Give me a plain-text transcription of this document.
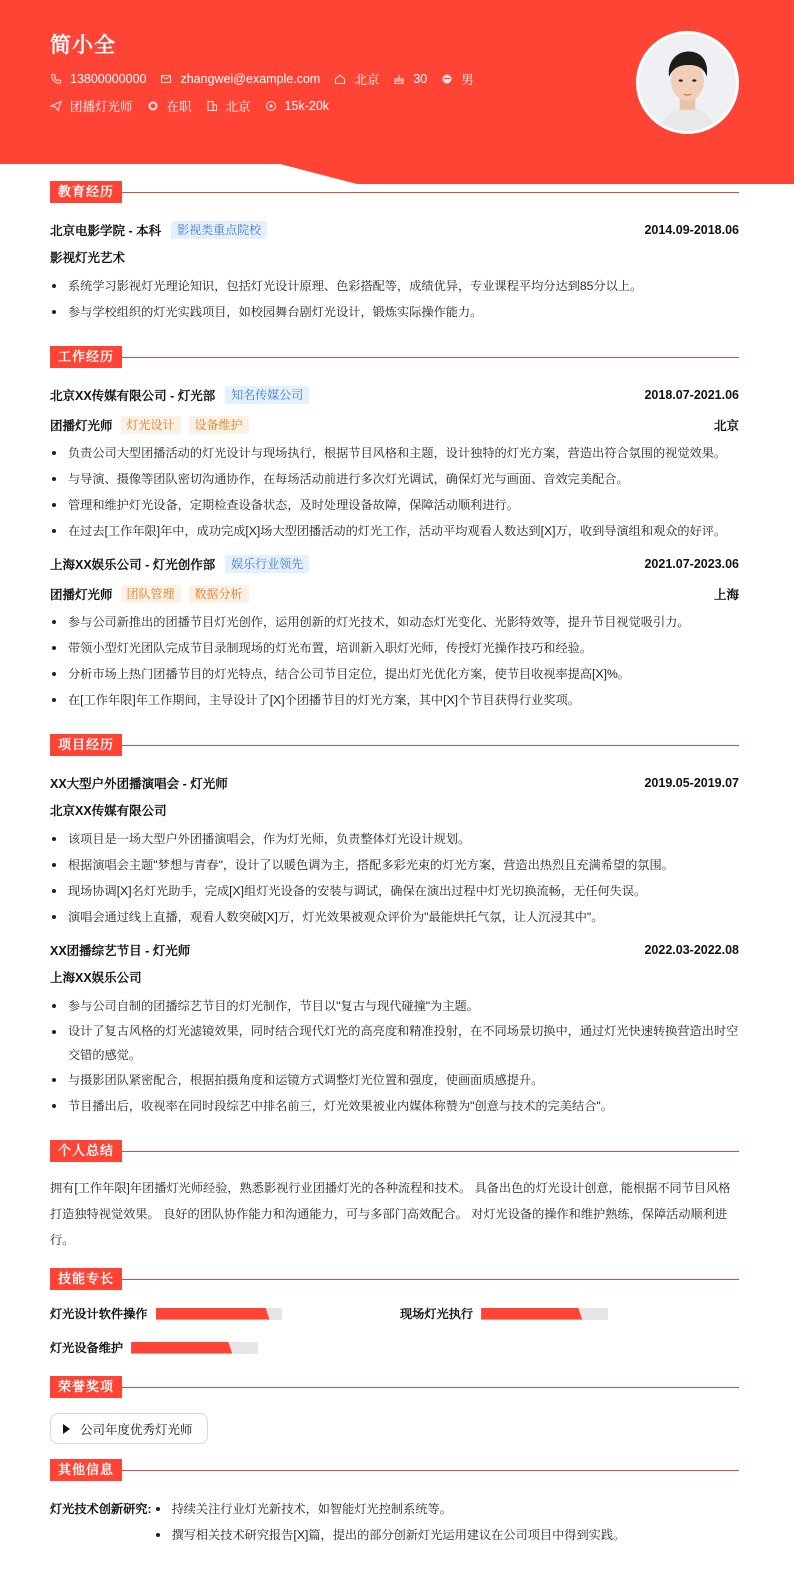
简小全
13800000000	zhangwei@example.com	北京	30	男
团播灯光师	在职	北京	15k-20k
教育经历
北京电影学院 - 本科	影视类重点院校	2014.09-2018.06
影视灯光艺术
系统学习影视灯光理论知识，包括灯光设计原理、色彩搭配等，成绩优异，专业课程平均分达到85分以上。
参与学校组织的灯光实践项目，如校园舞台剧灯光设计，锻炼实际操作能力。
工作经历
北京XX传媒有限公司 - 灯光部	知名传媒公司	2018.07-2021.06
团播灯光师	灯光设计	设备维护	北京
负责公司大型团播活动的灯光设计与现场执行，根据节目风格和主题，设计独特的灯光方案，营造出符合氛围的视觉效果。
与导演、摄像等团队密切沟通协作，在每场活动前进行多次灯光调试，确保灯光与画面、音效完美配合。
管理和维护灯光设备，定期检查设备状态，及时处理设备故障，保障活动顺利进行。
在过去[工作年限]年中，成功完成[X]场大型团播活动的灯光工作，活动平均观看人数达到[X]万，收到导演组和观众的好评。
上海XX娱乐公司 - 灯光创作部	娱乐行业领先	2021.07-2023.06
团播灯光师	团队管理	数据分析	上海
参与公司新推出的团播节目灯光创作，运用创新的灯光技术，如动态灯光变化、光影特效等，提升节目视觉吸引力。
带领小型灯光团队完成节目录制现场的灯光布置，培训新入职灯光师，传授灯光操作技巧和经验。
分析市场上热门团播节目的灯光特点，结合公司节目定位，提出灯光优化方案，使节目收视率提高[X]%。
在[工作年限]年工作期间，主导设计了[X]个团播节目的灯光方案，其中[X]个节目获得行业奖项。
项目经历
XX大型户外团播演唱会 - 灯光师	2019.05-2019.07
北京XX传媒有限公司
该项目是一场大型户外团播演唱会，作为灯光师，负责整体灯光设计规划。
根据演唱会主题"梦想与青春"，设计了以暖色调为主，搭配多彩光束的灯光方案，营造出热烈且充满希望的氛围。
现场协调[X]名灯光助手，完成[X]组灯光设备的安装与调试，确保在演出过程中灯光切换流畅，无任何失误。
演唱会通过线上直播，观看人数突破[X]万，灯光效果被观众评价为"最能烘托气氛，让人沉浸其中"。
XX团播综艺节目 - 灯光师	2022.03-2022.08
上海XX娱乐公司
参与公司自制的团播综艺节目的灯光制作，节目以"复古与现代碰撞"为主题。
设计了复古风格的灯光滤镜效果，同时结合现代灯光的高亮度和精准投射，在不同场景切换中，通过灯光快速转换营造出时空交错的感觉。
与摄影团队紧密配合，根据拍摄角度和运镜方式调整灯光位置和强度，使画面质感提升。
节目播出后，收视率在同时段综艺中排名前三，灯光效果被业内媒体称赞为"创意与技术的完美结合"。
个人总结
拥有[工作年限]年团播灯光师经验，熟悉影视行业团播灯光的各种流程和技术。 具备出色的灯光设计创意，能根据不同节目风格打造独特视觉效果。 良好的团队协作能力和沟通能力，可与多部门高效配合。 对灯光设备的操作和维护熟练，保障活动顺利进行。
技能专长
灯光设计软件操作	现场灯光执行
灯光设备维护
荣誉奖项
公司年度优秀灯光师
其他信息
灯光技术创新研究:	持续关注行业灯光新技术，如智能灯光控制系统等。
撰写相关技术研究报告[X]篇，提出的部分创新灯光运用建议在公司项目中得到实践。
